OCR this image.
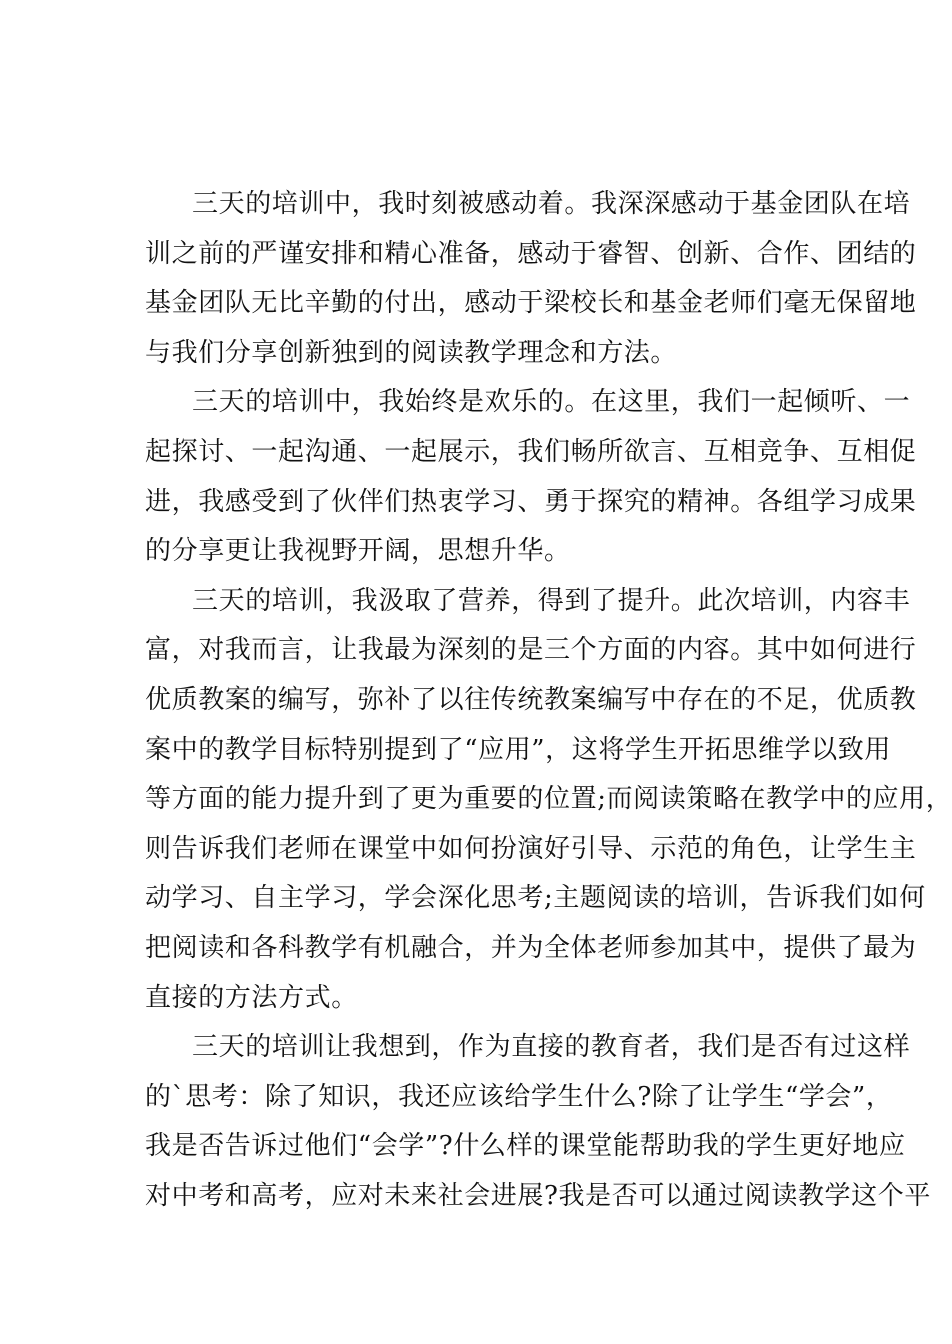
三天的培训中，我时刻被感动着。我深深感动于基金团队在培
训之前的严谨安排和精心准备，感动于睿智、创新、合作、团结的
基金团队无比辛勤的付出，感动于梁校长和基金老师们毫无保留地
与我们分享创新独到的阅读教学理念和方法。
三天的培训中，我始终是欢乐的。在这里，我们一起倾听、一
起探讨、一起沟通、一起展示，我们畅所欲言、互相竞争、互相促
进，我感受到了伙伴们热衷学习、勇于探究的精神。各组学习成果
的分享更让我视野开阔，思想升华。
三天的培训，我汲取了营养，得到了提升。此次培训，内容丰
富，对我而言，让我最为深刻的是三个方面的内容。其中如何进行
优质教案的编写，弥补了以往传统教案编写中存在的不足，优质教
案中的教学目标特别提到了“应用”，这将学生开拓思维学以致用
等方面的能力提升到了更为重要的位置;而阅读策略在教学中的应用，
则告诉我们老师在课堂中如何扮演好引导、示范的角色，让学生主
动学习、自主学习，学会深化思考;主题阅读的培训，告诉我们如何
把阅读和各科教学有机融合，并为全体老师参加其中，提供了最为
直接的方法方式。
三天的培训让我想到，作为直接的教育者，我们是否有过这样
的`思考：除了知识，我还应该给学生什么?除了让学生“学会”，
我是否告诉过他们“会学”?什么样的课堂能帮助我的学生更好地应
对中考和高考，应对未来社会进展?我是否可以通过阅读教学这个平
